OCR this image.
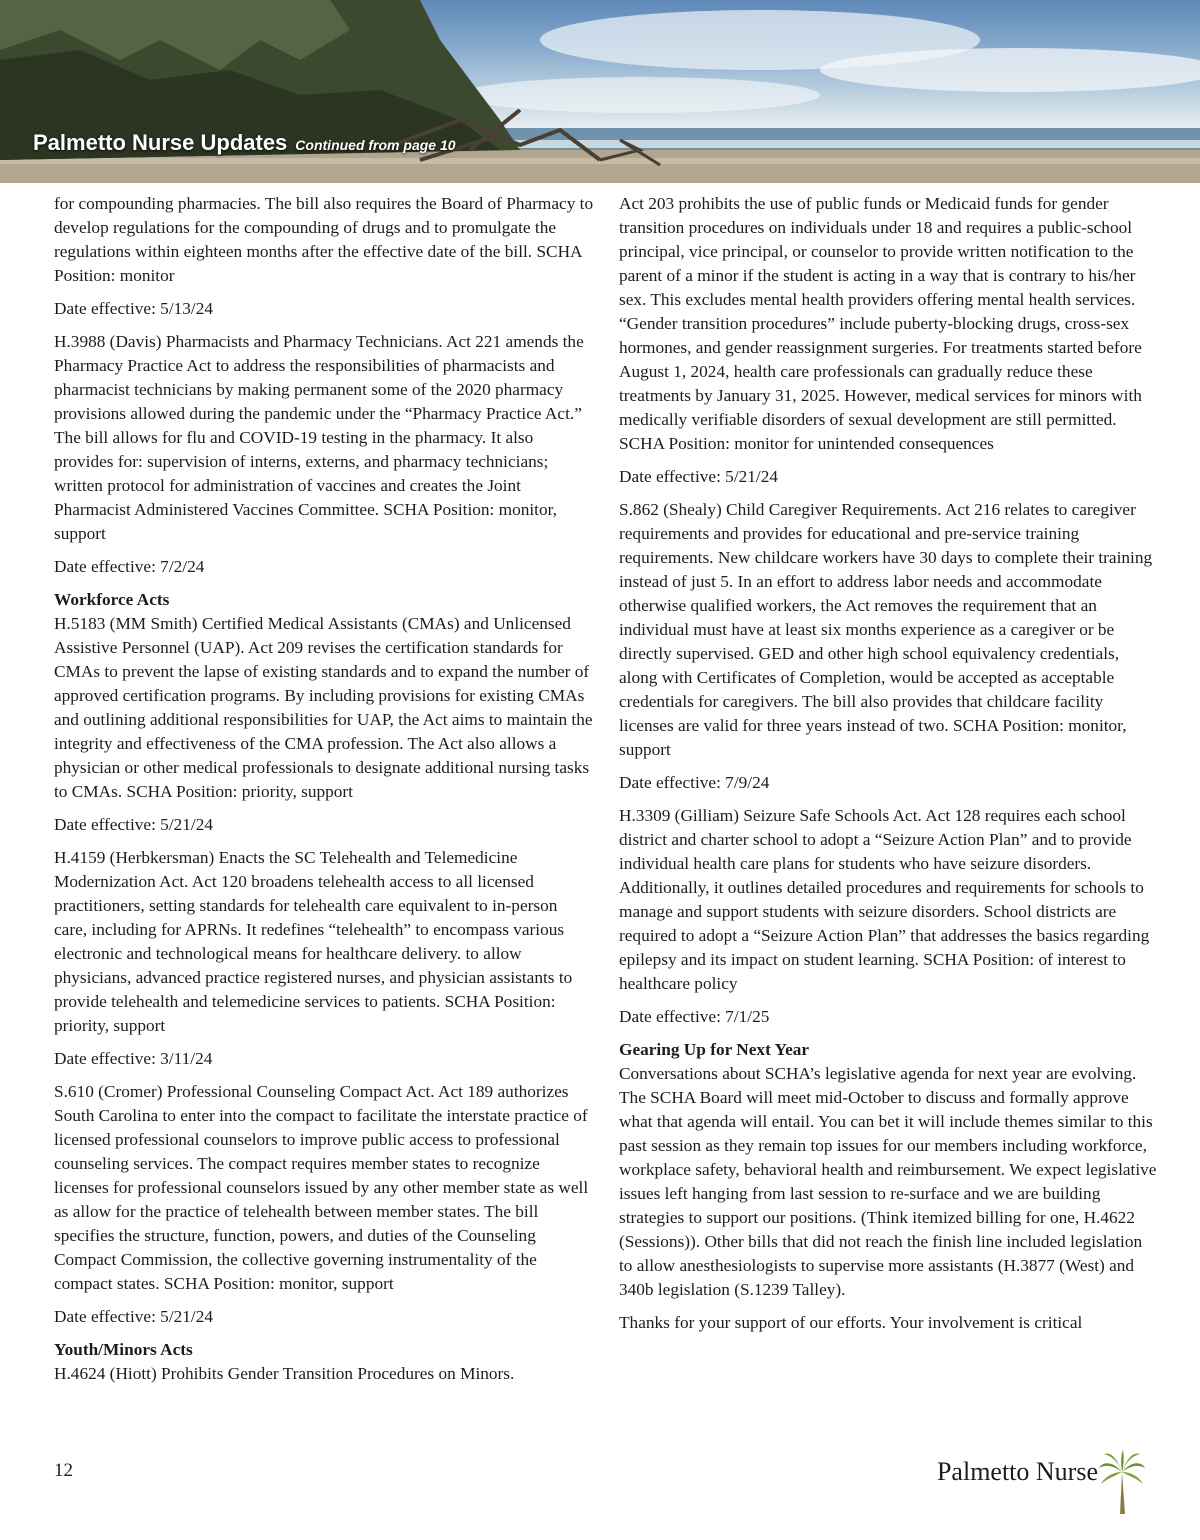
Palmetto Nurse Updates Continued from page 10

for compounding pharmacies. The bill also requires the Board of Pharmacy to develop regulations for the compounding of drugs and to promulgate the regulations within eighteen months after the effective date of the bill. SCHA Position: monitor

Date effective: 5/13/24

H.3988 (Davis) Pharmacists and Pharmacy Technicians. Act 221 amends the Pharmacy Practice Act to address the responsibilities of pharmacists and pharmacist technicians by making permanent some of the 2020 pharmacy provisions allowed during the pandemic under the “Pharmacy Practice Act.” The bill allows for flu and COVID-19 testing in the pharmacy. It also provides for: supervision of interns, externs, and pharmacy technicians; written protocol for administration of vaccines and creates the Joint Pharmacist Administered Vaccines Committee. SCHA Position: monitor, support

Date effective: 7/2/24

Workforce Acts

H.5183 (MM Smith) Certified Medical Assistants (CMAs) and Unlicensed Assistive Personnel (UAP). Act 209 revises the certification standards for CMAs to prevent the lapse of existing standards and to expand the number of approved certification programs. By including provisions for existing CMAs and outlining additional responsibilities for UAP, the Act aims to maintain the integrity and effectiveness of the CMA profession. The Act also allows a physician or other medical professionals to designate additional nursing tasks to CMAs. SCHA Position: priority, support

Date effective: 5/21/24

H.4159 (Herbkersman) Enacts the SC Telehealth and Telemedicine Modernization Act. Act 120 broadens telehealth access to all licensed practitioners, setting standards for telehealth care equivalent to in-person care, including for APRNs. It redefines “telehealth” to encompass various electronic and technological means for healthcare delivery. to allow physicians, advanced practice registered nurses, and physician assistants to provide telehealth and telemedicine services to patients. SCHA Position: priority, support

Date effective: 3/11/24

S.610 (Cromer) Professional Counseling Compact Act. Act 189 authorizes South Carolina to enter into the compact to facilitate the interstate practice of licensed professional counselors to improve public access to professional counseling services. The compact requires member states to recognize licenses for professional counselors issued by any other member state as well as allow for the practice of telehealth between member states. The bill specifies the structure, function, powers, and duties of the Counseling Compact Commission, the collective governing instrumentality of the compact states. SCHA Position: monitor, support

Date effective: 5/21/24

Youth/Minors Acts

H.4624 (Hiott) Prohibits Gender Transition Procedures on Minors.

Act 203 prohibits the use of public funds or Medicaid funds for gender transition procedures on individuals under 18 and requires a public-school principal, vice principal, or counselor to provide written notification to the parent of a minor if the student is acting in a way that is contrary to his/her sex. This excludes mental health providers offering mental health services. “Gender transition procedures” include puberty-blocking drugs, cross-sex hormones, and gender reassignment surgeries. For treatments started before August 1, 2024, health care professionals can gradually reduce these treatments by January 31, 2025. However, medical services for minors with medically verifiable disorders of sexual development are still permitted. SCHA Position: monitor for unintended consequences

Date effective: 5/21/24

S.862 (Shealy) Child Caregiver Requirements. Act 216 relates to caregiver requirements and provides for educational and pre-service training requirements. New childcare workers have 30 days to complete their training instead of just 5. In an effort to address labor needs and accommodate otherwise qualified workers, the Act removes the requirement that an individual must have at least six months experience as a caregiver or be directly supervised. GED and other high school equivalency credentials, along with Certificates of Completion, would be accepted as acceptable credentials for caregivers. The bill also provides that childcare facility licenses are valid for three years instead of two. SCHA Position: monitor, support

Date effective: 7/9/24

H.3309 (Gilliam) Seizure Safe Schools Act. Act 128 requires each school district and charter school to adopt a “Seizure Action Plan” and to provide individual health care plans for students who have seizure disorders. Additionally, it outlines detailed procedures and requirements for schools to manage and support students with seizure disorders. School districts are required to adopt a “Seizure Action Plan” that addresses the basics regarding epilepsy and its impact on student learning. SCHA Position: of interest to healthcare policy

Date effective: 7/1/25

Gearing Up for Next Year

Conversations about SCHA’s legislative agenda for next year are evolving. The SCHA Board will meet mid-October to discuss and formally approve what that agenda will entail. You can bet it will include themes similar to this past session as they remain top issues for our members including workforce, workplace safety, behavioral health and reimbursement. We expect legislative issues left hanging from last session to re-surface and we are building strategies to support our positions. (Think itemized billing for one, H.4622 (Sessions)). Other bills that did not reach the finish line included legislation to allow anesthesiologists to supervise more assistants (H.3877 (West) and 340b legislation (S.1239 Talley).

Thanks for your support of our efforts. Your involvement is critical

12	Palmetto Nurse
